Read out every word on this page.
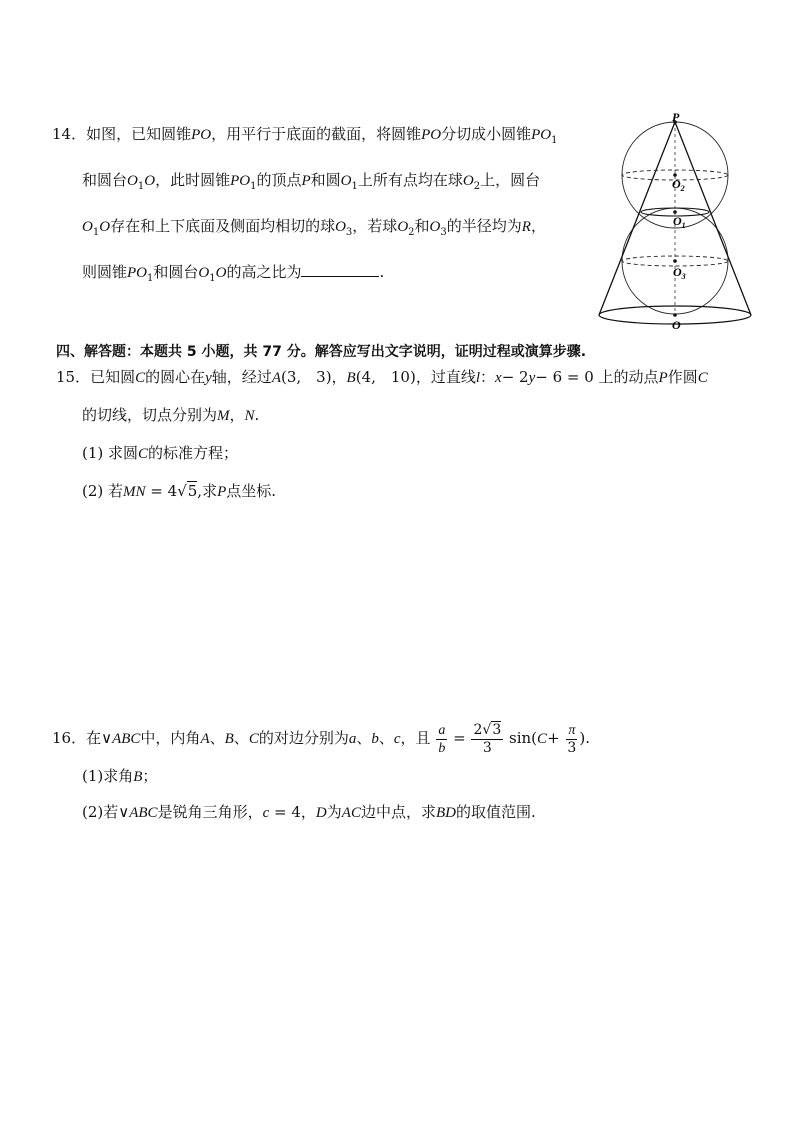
14．如图，已知圆锥PO，用平行于底面的截面，将圆锥PO分切成小圆锥$PO_1$
和圆台$O_1O$，此时圆锥$PO_1$的顶点P和圆$O_1$上所有点均在球$O_2$上，圆台
$O_1O$存在和上下底面及侧面均相切的球$O_3$，若球$O_2$和$O_3$的半径均为R，
则圆锥$PO_1$和圆台$O_1O$的高之比为	.
P
$O_2$
$O_1$
$O_3$
O
四、解答题：本题共 5 小题，共 77 分。解答应写出文字说明，证明过程或演算步骤.
15．已知圆C的圆心在y轴，经过A(3,　3)，B(4,　10)，过直线l：x− 2y− 6 = 0 上的动点P作圆C
的切线，切点分别为M，N.
(1) 求圆C的标准方程；
(2) 若MN = 4√5,求P点坐标.
16．在∨ABC中，内角A、B、C的对边分别为a、b、c，且 $\frac{a}{b} = \frac{2√3}{3} \sin(C+ \frac{\pi}{3}$ ).
(1)求角B；
(2)若∨ABC是锐角三角形，c = 4，D为AC边中点，求BD的取值范围.
